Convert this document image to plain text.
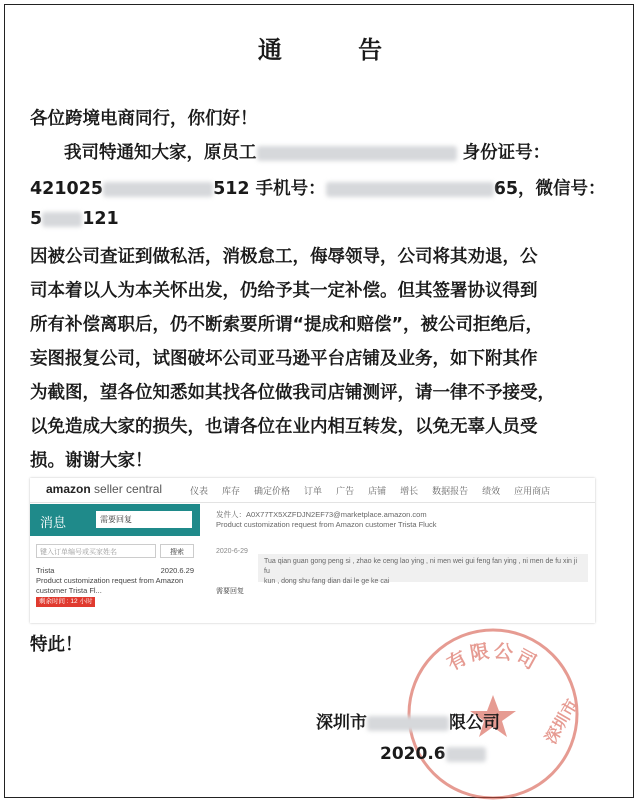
通 告
各位跨境电商同行，你们好！
我司特通知大家，原员工	身份证号：
421025	512 手机号：	65，微信号：
5 121
因被公司查证到做私活，消极怠工，侮辱领导，公司将其劝退，公
司本着以人为本关怀出发，仍给予其一定补偿。但其签署协议得到
所有补偿离职后，仍不断索要所谓“提成和赔偿”，被公司拒绝后，
妄图报复公司，试图破坏公司亚马逊平台店铺及业务，如下附其作
为截图，望各位知悉如其找各位做我司店铺测评，请一律不予接受，
以免造成大家的损失，也请各位在业内相互转发，以免无辜人员受
损。谢谢大家！
amazon seller central	仪表 库存 确定价格 订单 广告 店铺 增长 数据报告 绩效 应用商店
消息	需要回复
键入订单编号或买家姓名	搜索
Trista	2020.6.29
Product customization request from Amazon
customer Trista Fl...
剩余时间 : 12 小时
发件人：A0X77TX5XZFDJN2EF73@marketplace.amazon.com
Product customization request from Amazon customer Trista Fluck
2020-6-29
Tua qian guan gong peng si , zhao ke ceng lao ying , ni men wei gui feng fan ying , ni men de fu xin ji fu
kun , dong shu fang dian dai le ge ke cai
需要回复
特此！
有限公司
深圳市
深圳市	限公司
2020.6
